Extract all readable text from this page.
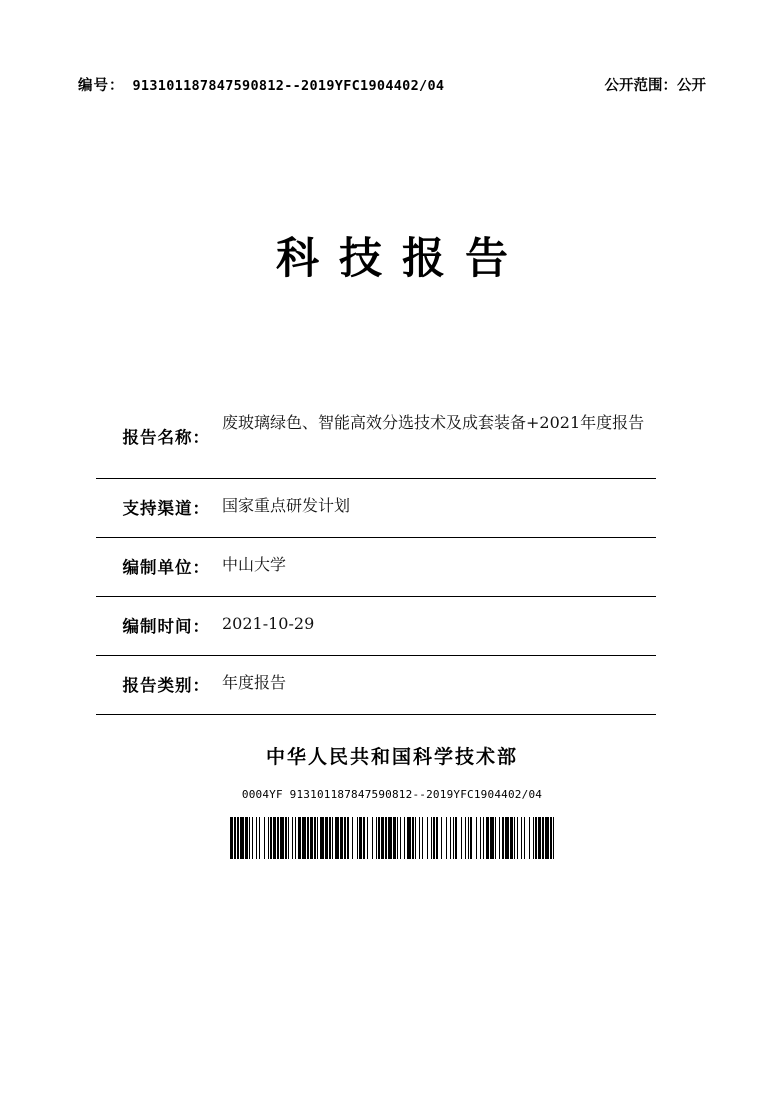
编号： 913101187847590812--2019YFC1904402/04	公开范围：公开
科技报告
报告名称：
废玻璃绿色、智能高效分选技术及成套装备+2021年度报告
支持渠道： 国家重点研发计划
编制单位： 中山大学
编制时间： 2021-10-29
报告类别： 年度报告
中华人民共和国科学技术部
0004YF 913101187847590812--2019YFC1904402/04
